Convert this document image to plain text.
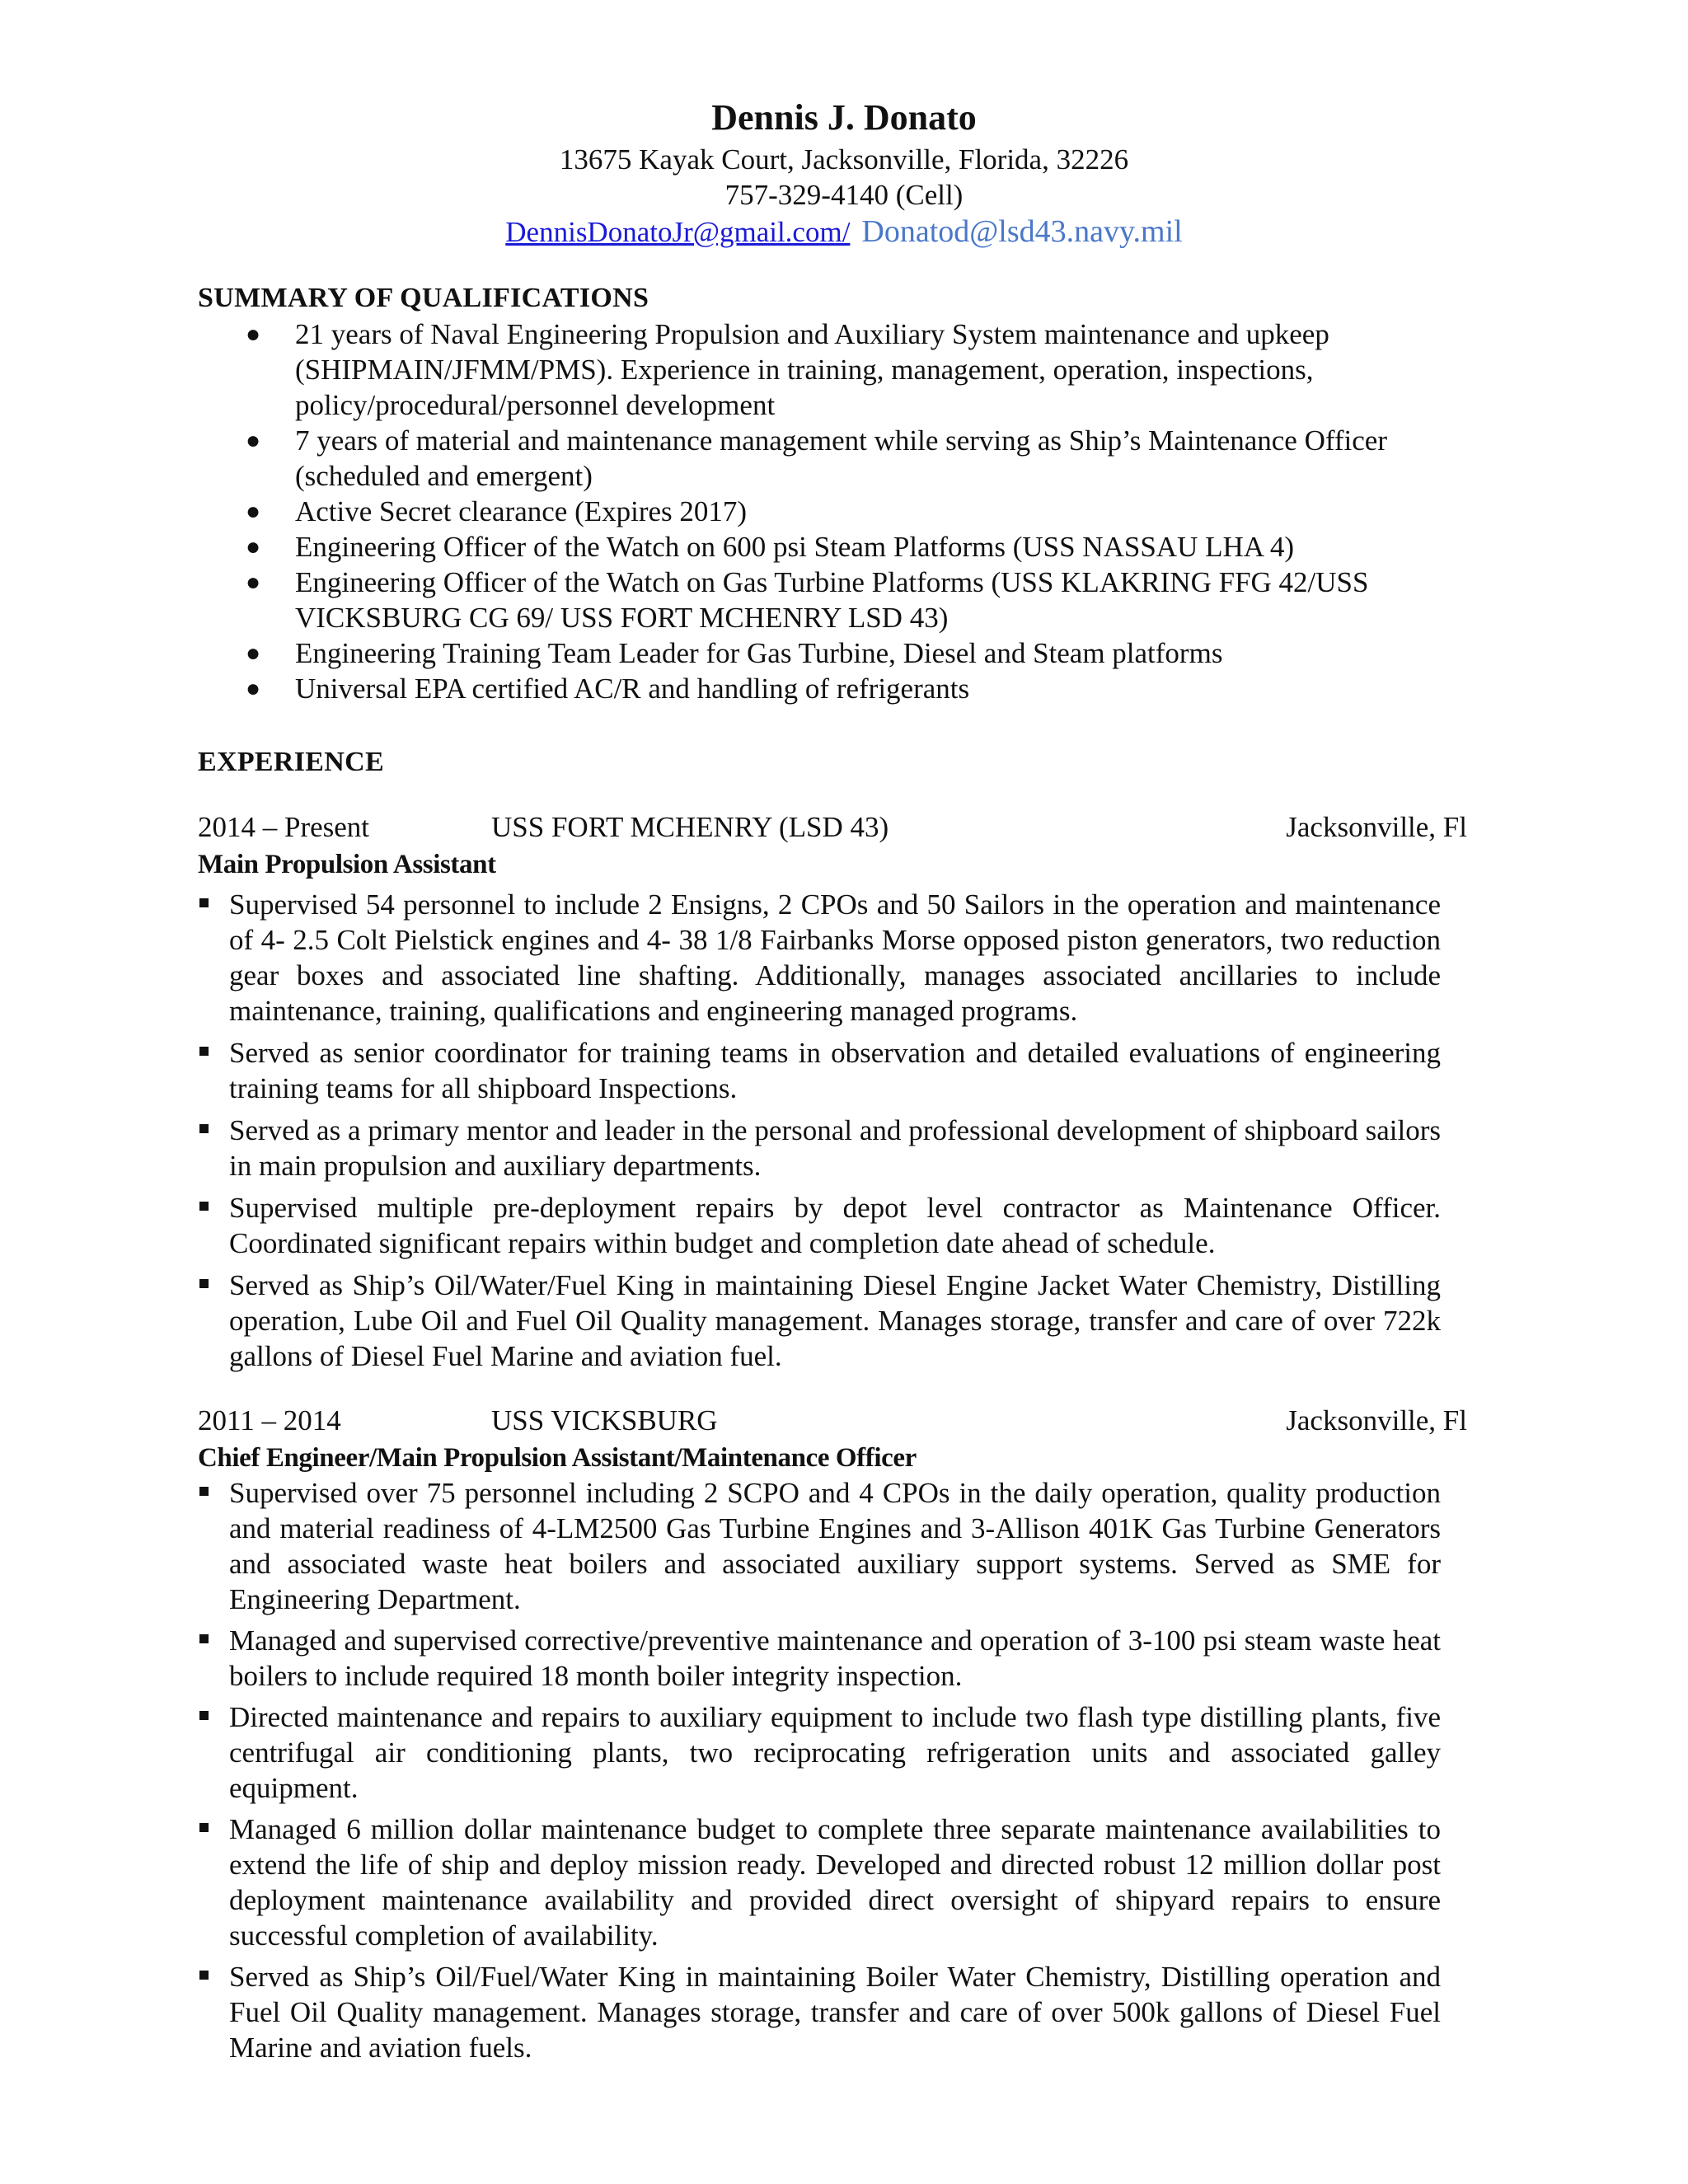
Dennis J. Donato
13675 Kayak Court, Jacksonville, Florida, 32226
757-329-4140 (Cell)
DennisDonatoJr@gmail.com/ Donatod@lsd43.navy.mil
SUMMARY OF QUALIFICATIONS
●	21 years of Naval Engineering Propulsion and Auxiliary System maintenance and upkeep (SHIPMAIN/JFMM/PMS). Experience in training, management, operation, inspections, policy/procedural/personnel development
●	7 years of material and maintenance management while serving as Ship’s Maintenance Officer (scheduled and emergent)
●	Active Secret clearance (Expires 2017)
●	Engineering Officer of the Watch on 600 psi Steam Platforms (USS NASSAU LHA 4)
●	Engineering Officer of the Watch on Gas Turbine Platforms (USS KLAKRING FFG 42/USS VICKSBURG CG 69/ USS FORT MCHENRY LSD 43)
●	Engineering Training Team Leader for Gas Turbine, Diesel and Steam platforms
●	Universal EPA certified AC/R and handling of refrigerants
EXPERIENCE
2014 – Present	USS FORT MCHENRY (LSD 43)	Jacksonville, Fl
Main Propulsion Assistant
Supervised 54 personnel to include 2 Ensigns, 2 CPOs and 50 Sailors in the operation and maintenance of 4- 2.5 Colt Pielstick engines and 4- 38 1/8 Fairbanks Morse opposed piston generators, two reduction gear boxes and associated line shafting. Additionally, manages associated ancillaries to include maintenance, training, qualifications and engineering managed programs.
Served as senior coordinator for training teams in observation and detailed evaluations of engineering training teams for all shipboard Inspections.
Served as a primary mentor and leader in the personal and professional development of shipboard sailors in main propulsion and auxiliary departments.
Supervised multiple pre-deployment repairs by depot level contractor as Maintenance Officer. Coordinated significant repairs within budget and completion date ahead of schedule.
Served as Ship’s Oil/Water/Fuel King in maintaining Diesel Engine Jacket Water Chemistry, Distilling operation, Lube Oil and Fuel Oil Quality management. Manages storage, transfer and care of over 722k gallons of Diesel Fuel Marine and aviation fuel.
2011 – 2014	USS VICKSBURG	Jacksonville, Fl
Chief Engineer/Main Propulsion Assistant/Maintenance Officer
Supervised over 75 personnel including 2 SCPO and 4 CPOs in the daily operation, quality production and material readiness of 4-LM2500 Gas Turbine Engines and 3-Allison 401K Gas Turbine Generators and associated waste heat boilers and associated auxiliary support systems. Served as SME for Engineering Department.
Managed and supervised corrective/preventive maintenance and operation of 3-100 psi steam waste heat boilers to include required 18 month boiler integrity inspection.
Directed maintenance and repairs to auxiliary equipment to include two flash type distilling plants, five centrifugal air conditioning plants, two reciprocating refrigeration units and associated galley equipment.
Managed 6 million dollar maintenance budget to complete three separate maintenance availabilities to extend the life of ship and deploy mission ready. Developed and directed robust 12 million dollar post deployment maintenance availability and provided direct oversight of shipyard repairs to ensure successful completion of availability.
Served as Ship’s Oil/Fuel/Water King in maintaining Boiler Water Chemistry, Distilling operation and Fuel Oil Quality management. Manages storage, transfer and care of over 500k gallons of Diesel Fuel Marine and aviation fuels.
